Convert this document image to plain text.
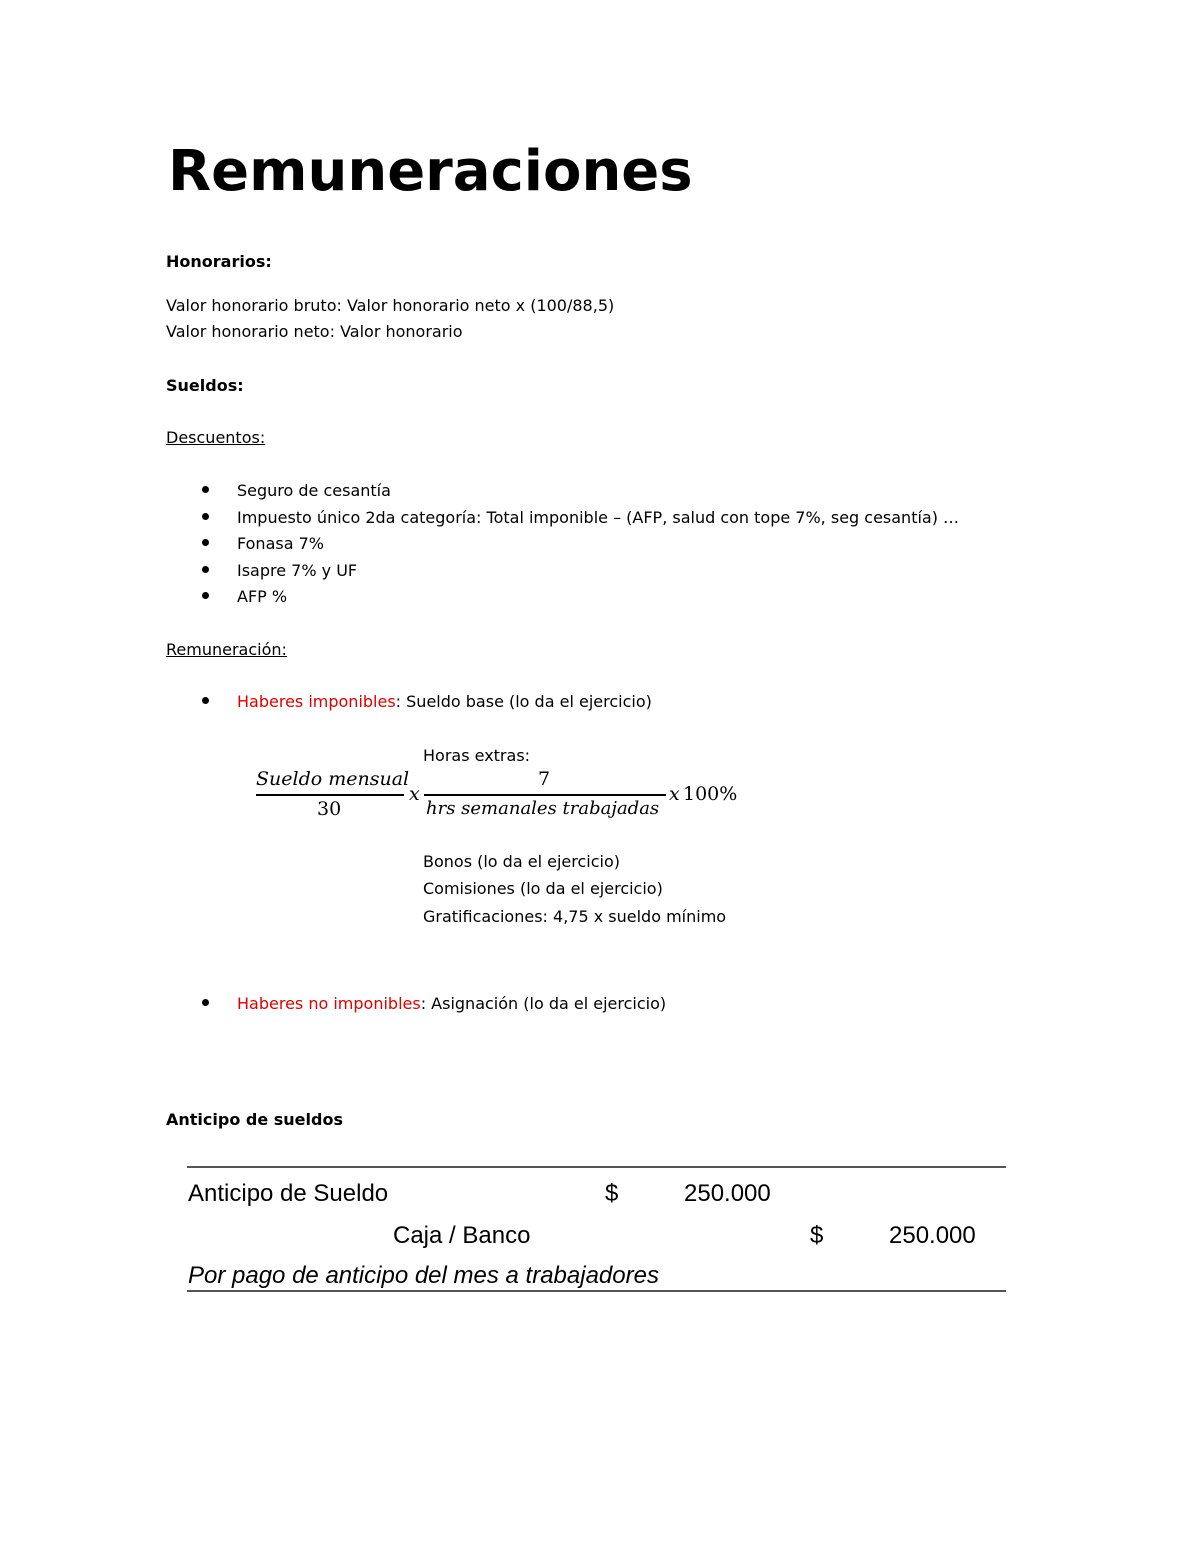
Remuneraciones
Honorarios:
Valor honorario bruto: Valor honorario neto x (100/88,5)
Valor honorario neto: Valor honorario
Sueldos:
Descuentos:
Seguro de cesantía
Impuesto único 2da categoría: Total imponible – (AFP, salud con tope 7%, seg cesantía) …
Fonasa 7%
Isapre 7% y UF
AFP %
Remuneración:
Haberes imponibles: Sueldo base (lo da el ejercicio)
Horas extras:
Sueldo mensual
30
x
7
hrs semanales trabajadas
x 100%
Bonos (lo da el ejercicio)
Comisiones (lo da el ejercicio)
Gratificaciones: 4,75 x sueldo mínimo
Haberes no imponibles: Asignación (lo da el ejercicio)
Anticipo de sueldos
Anticipo de Sueldo	$	250.000
Caja / Banco	$	250.000
Por pago de anticipo del mes a trabajadores
